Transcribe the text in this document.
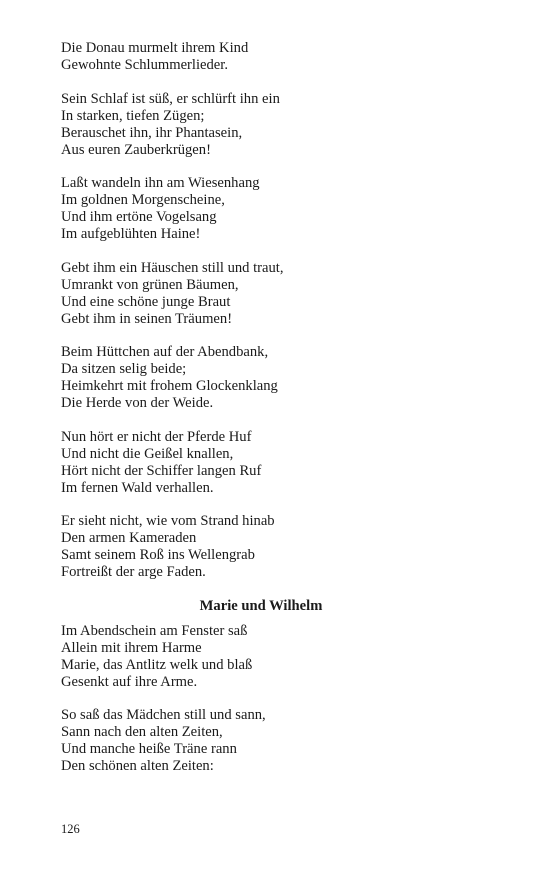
Die Donau murmelt ihrem Kind
Gewohnte Schlummerlieder.
Sein Schlaf ist süß, er schlürft ihn ein
In starken, tiefen Zügen;
Berauschet ihn, ihr Phantasein,
Aus euren Zauberkrügen!
Laßt wandeln ihn am Wiesenhang
Im goldnen Morgenscheine,
Und ihm ertöne Vogelsang
Im aufgeblühten Haine!
Gebt ihm ein Häuschen still und traut,
Umrankt von grünen Bäumen,
Und eine schöne junge Braut
Gebt ihm in seinen Träumen!
Beim Hüttchen auf der Abendbank,
Da sitzen selig beide;
Heimkehrt mit frohem Glockenklang
Die Herde von der Weide.
Nun hört er nicht der Pferde Huf
Und nicht die Geißel knallen,
Hört nicht der Schiffer langen Ruf
Im fernen Wald verhallen.
Er sieht nicht, wie vom Strand hinab
Den armen Kameraden
Samt seinem Roß ins Wellengrab
Fortreißt der arge Faden.
Marie und Wilhelm
Im Abendschein am Fenster saß
Allein mit ihrem Harme
Marie, das Antlitz welk und blaß
Gesenkt auf ihre Arme.
So saß das Mädchen still und sann,
Sann nach den alten Zeiten,
Und manche heiße Träne rann
Den schönen alten Zeiten:
126
